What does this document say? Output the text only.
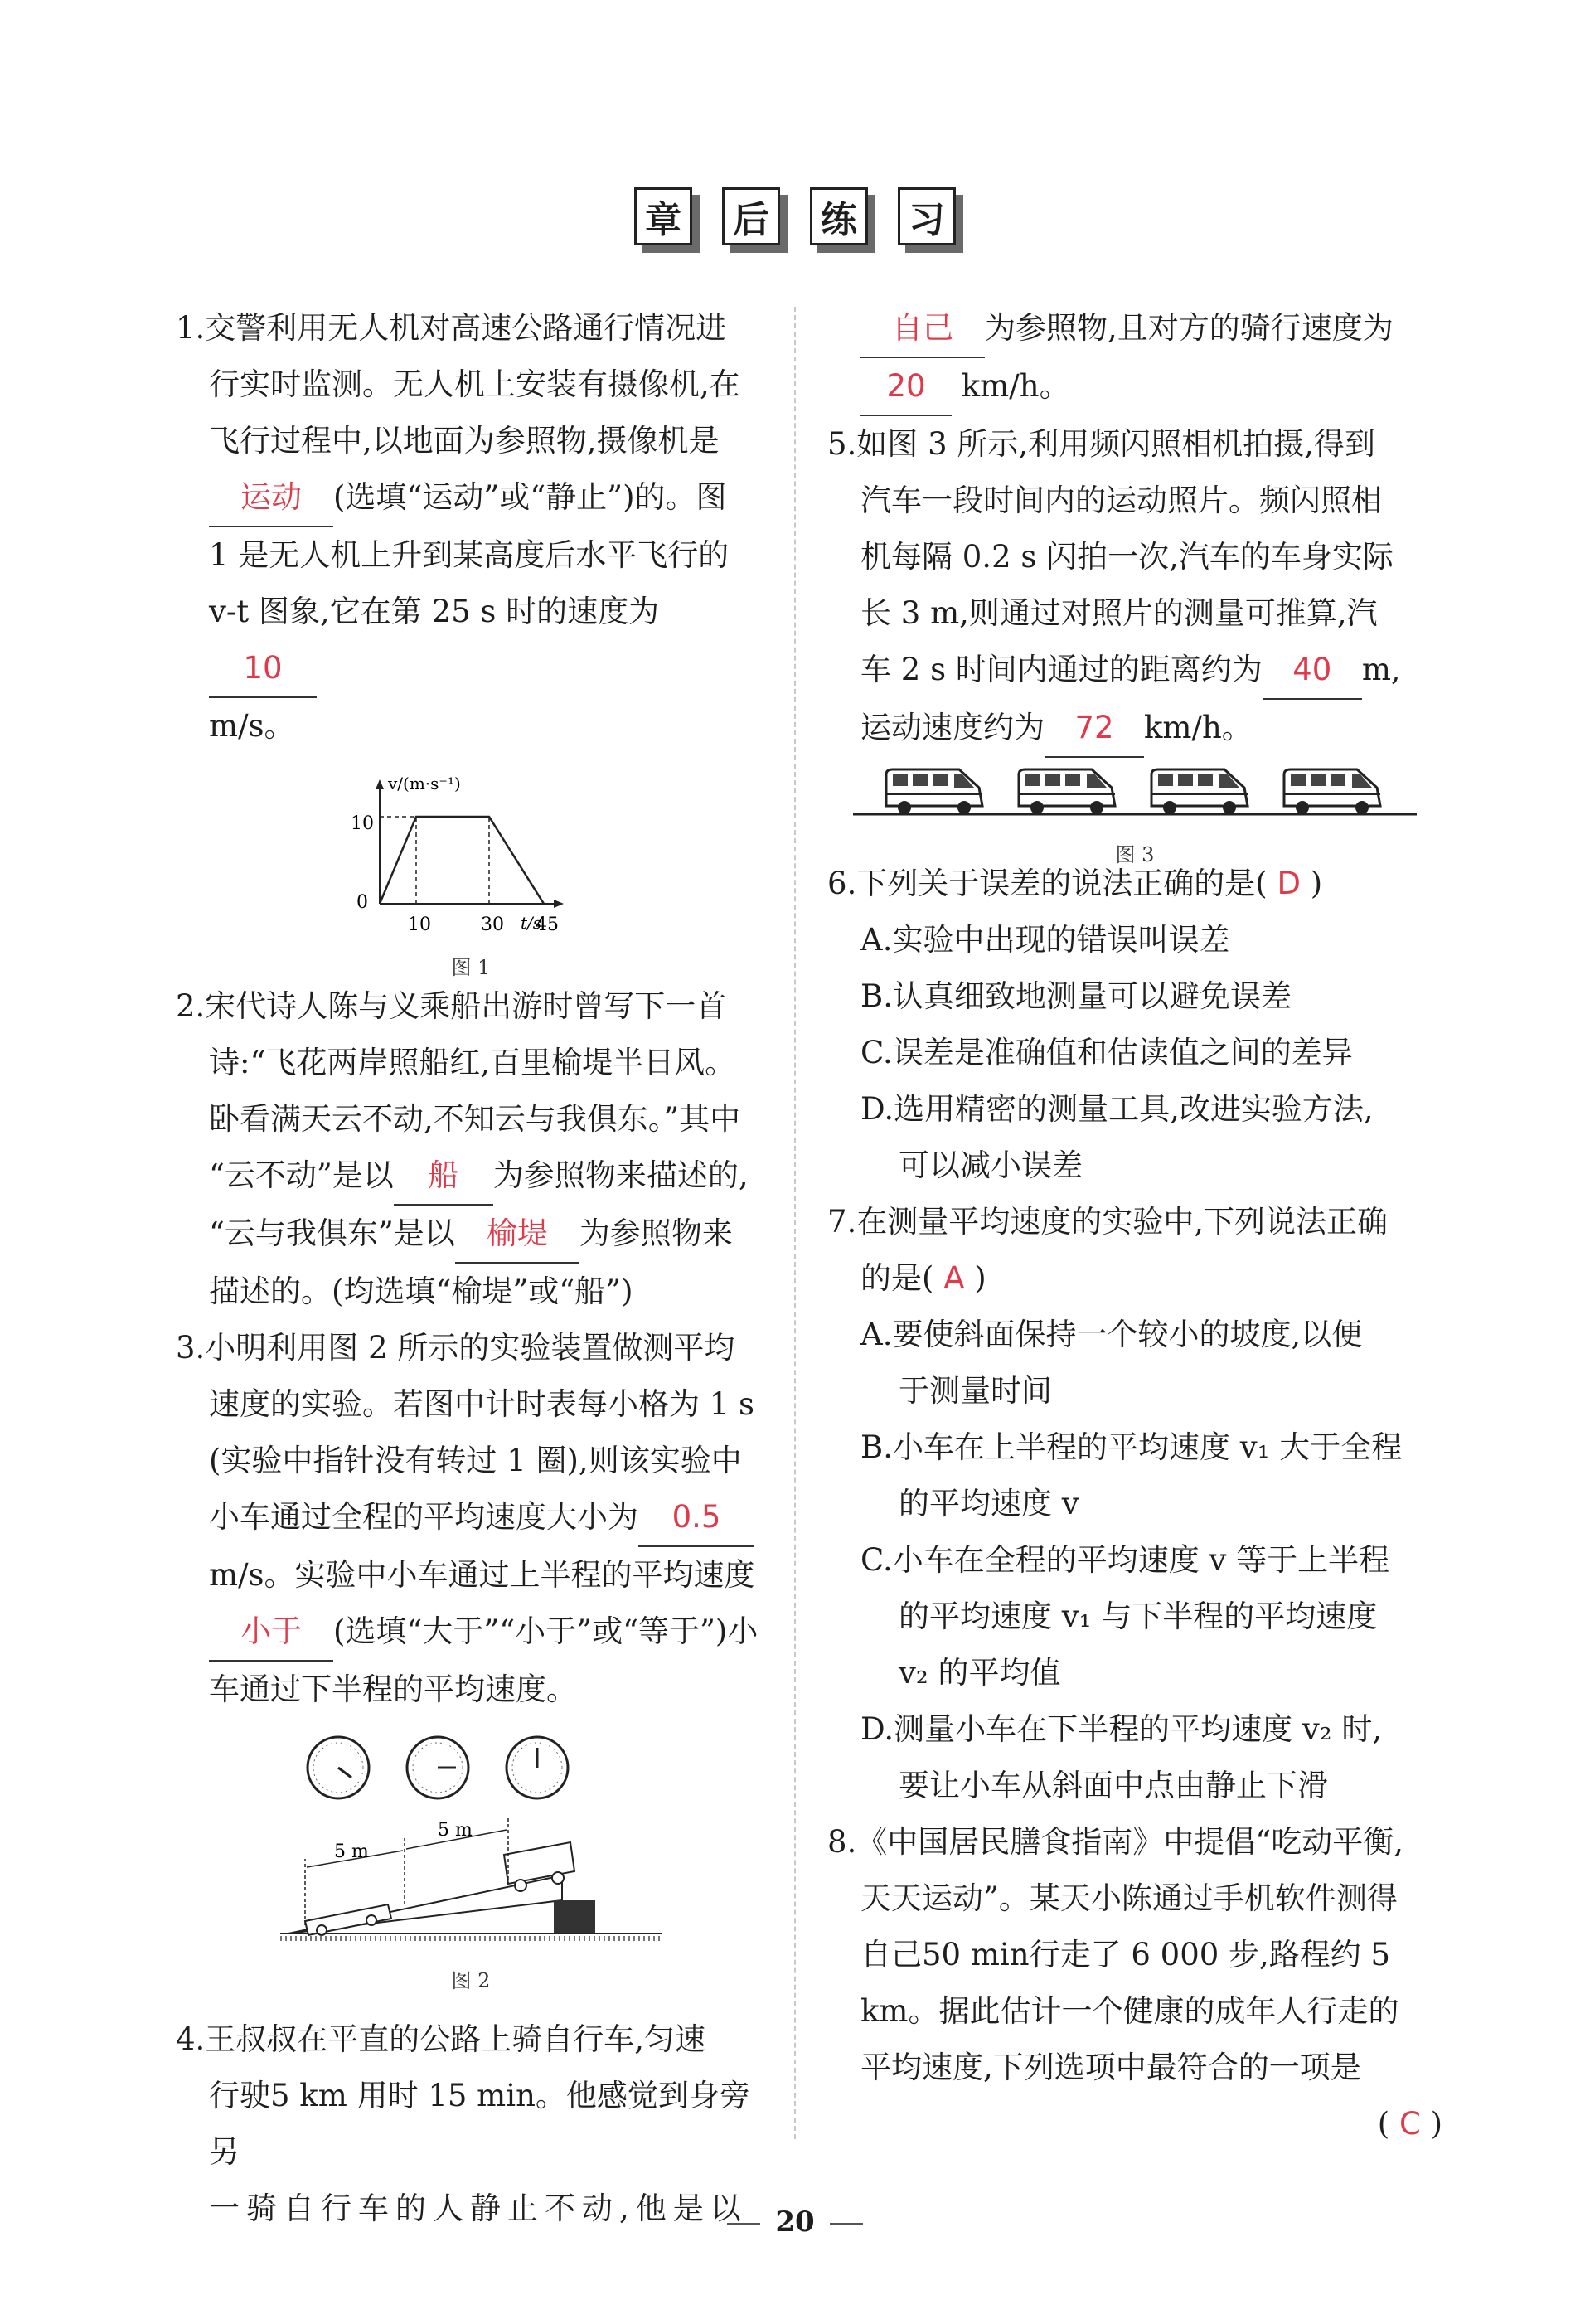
章 后 练 习

1.交警利用无人机对高速公路通行情况进

行实时监测。无人机上安装有摄像机,在

飞行过程中,以地面为参照物,摄像机是

运动 (选填“运动”或“静止”)的。图

1 是无人机上升到某高度后水平飞行的

v-t 图象,它在第 25 s 时的速度为10

m/s。

v/(m·s⁻¹)
t/s
10
0
10	30 45
图 1

2.宋代诗人陈与义乘船出游时曾写下一首

诗:“飞花两岸照船红,百里榆堤半日风。

卧看满天云不动,不知云与我俱东。”其中

“云不动”是以 船 为参照物来描述的,

“云与我俱东”是以 榆堤 为参照物来

描述的。(均选填“榆堤”或“船”)

3.小明利用图 2 所示的实验装置做测平均

速度的实验。若图中计时表每小格为 1 s

(实验中指针没有转过 1 圈),则该实验中

小车通过全程的平均速度大小为 0.5

m/s。实验中小车通过上半程的平均速度

小于 (选填“大于”“小于”或“等于”)小

车通过下半程的平均速度。

5 m
5 m
图 2

4.王叔叔在平直的公路上骑自行车,匀速

行驶5 km 用时 15 min。他感觉到身旁另

一骑自行车的人静止不动,他是以

自己 为参照物,且对方的骑行速度为

20 km/h。

5.如图 3 所示,利用频闪照相机拍摄,得到

汽车一段时间内的运动照片。频闪照相

机每隔 0.2 s 闪拍一次,汽车的车身实际

长 3 m,则通过对照片的测量可推算,汽

车 2 s 时间内通过的距离约为 40 m,

运动速度约为 72 km/h。

图 3

6.下列关于误差的说法正确的是( D )

A.实验中出现的错误叫误差

B.认真细致地测量可以避免误差

C.误差是准确值和估读值之间的差异

D.选用精密的测量工具,改进实验方法,

可以减小误差

7.在测量平均速度的实验中,下列说法正确

的是( A )

A.要使斜面保持一个较小的坡度,以便

于测量时间

B.小车在上半程的平均速度 v₁ 大于全程

的平均速度 v

C.小车在全程的平均速度 v 等于上半程

的平均速度 v₁ 与下半程的平均速度

v₂ 的平均值

D.测量小车在下半程的平均速度 v₂ 时,

要让小车从斜面中点由静止下滑

8.《中国居民膳食指南》中提倡“吃动平衡,

天天运动”。某天小陈通过手机软件测得

自己50 min行走了 6 000 步,路程约 5

km。据此估计一个健康的成年人行走的

平均速度,下列选项中最符合的一项是

( C )

20
